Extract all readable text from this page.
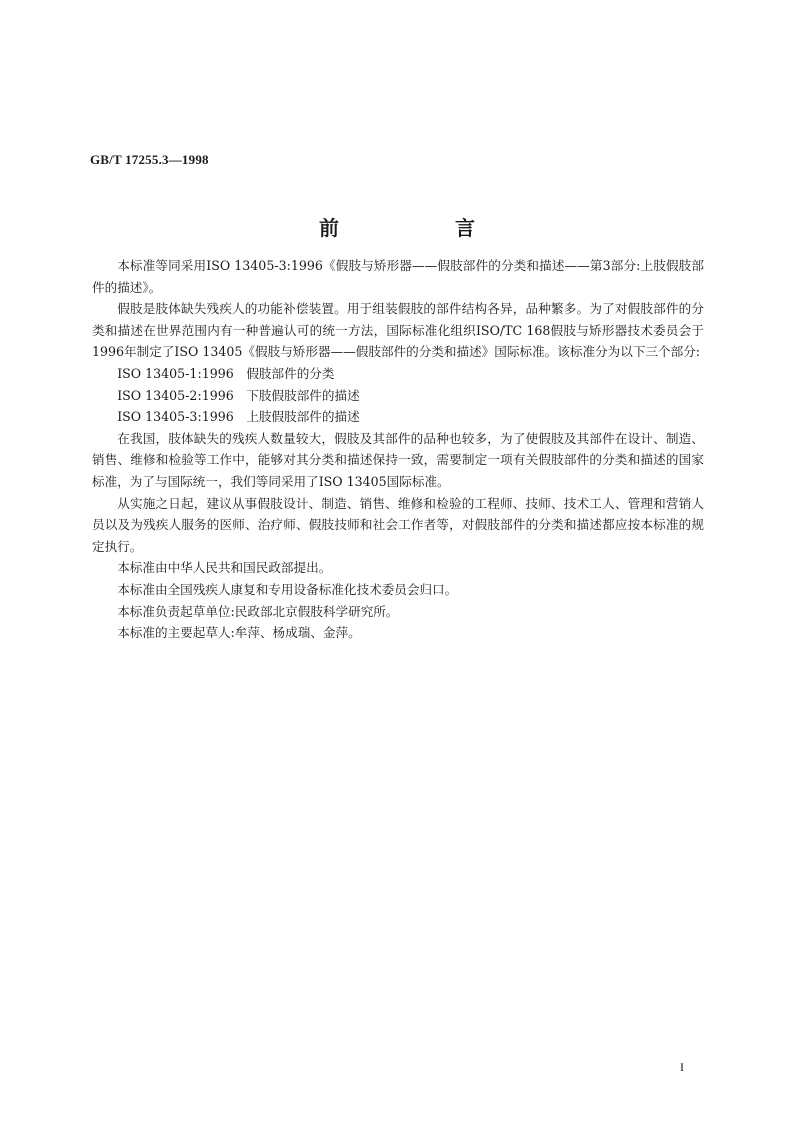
GB/T 17255.3—1998
前　言

本标准等同采用ISO 13405-3:1996《假肢与矫形器——假肢部件的分类和描述——第3部分:上肢假肢部件的描述》。

假肢是肢体缺失残疾人的功能补偿装置。用于组装假肢的部件结构各异，品种繁多。为了对假肢部件的分类和描述在世界范围内有一种普遍认可的统一方法，国际标准化组织ISO/TC 168假肢与矫形器技术委员会于1996年制定了ISO 13405《假肢与矫形器——假肢部件的分类和描述》国际标准。该标准分为以下三个部分:

ISO 13405-1:1996　假肢部件的分类

ISO 13405-2:1996　下肢假肢部件的描述

ISO 13405-3:1996　上肢假肢部件的描述

在我国，肢体缺失的残疾人数量较大，假肢及其部件的品种也较多，为了使假肢及其部件在设计、制造、销售、维修和检验等工作中，能够对其分类和描述保持一致，需要制定一项有关假肢部件的分类和描述的国家标准，为了与国际统一，我们等同采用了ISO 13405国际标准。

从实施之日起，建议从事假肢设计、制造、销售、维修和检验的工程师、技师、技术工人、管理和营销人员以及为残疾人服务的医师、治疗师、假肢技师和社会工作者等，对假肢部件的分类和描述都应按本标准的规定执行。

本标准由中华人民共和国民政部提出。

本标准由全国残疾人康复和专用设备标准化技术委员会归口。

本标准负责起草单位:民政部北京假肢科学研究所。

本标准的主要起草人:牟萍、杨成瑞、金萍。

I
